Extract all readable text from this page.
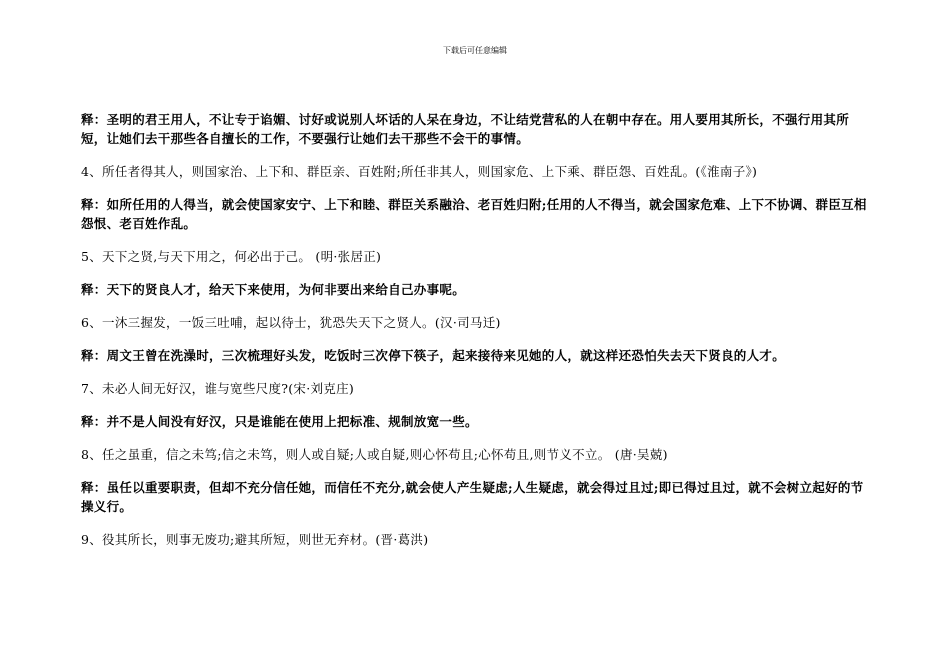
下载后可任意编辑

释：圣明的君王用人，不让专于谄媚、讨好或说别人坏话的人呆在身边，不让结党营私的人在朝中存在。用人要用其所长，不强行用其所短，让她们去干那些各自擅长的工作，不要强行让她们去干那些不会干的事情。

4、所任者得其人，则国家治、上下和、群臣亲、百姓附;所任非其人，则国家危、上下乘、群臣怨、百姓乱。(《淮南子》)

释：如所任用的人得当，就会使国家安宁、上下和睦、群臣关系融洽、老百姓归附;任用的人不得当，就会国家危难、上下不协调、群臣互相怨恨、老百姓作乱。

5、天下之贤,与天下用之，何必出于己。 (明·张居正)

释：天下的贤良人才，给天下来使用，为何非要出来给自己办事呢。

6、一沐三握发，一饭三吐哺，起以待士，犹恐失天下之贤人。(汉·司马迁)

释：周文王曾在洗澡时，三次梳理好头发，吃饭时三次停下筷子，起来接待来见她的人，就这样还恐怕失去天下贤良的人才。

7、未必人间无好汉，谁与宽些尺度?(宋·刘克庄)

释：并不是人间没有好汉，只是谁能在使用上把标准、规制放宽一些。

8、任之虽重，信之未笃;信之未笃，则人或自疑;人或自疑,则心怀苟且;心怀苟且,则节义不立。 (唐·吴兢)

释：虽任以重要职责，但却不充分信任她，而信任不充分,就会使人产生疑虑;人生疑虑，就会得过且过;即已得过且过，就不会树立起好的节操义行。

9、役其所长，则事无废功;避其所短，则世无弃材。(晋·葛洪)
